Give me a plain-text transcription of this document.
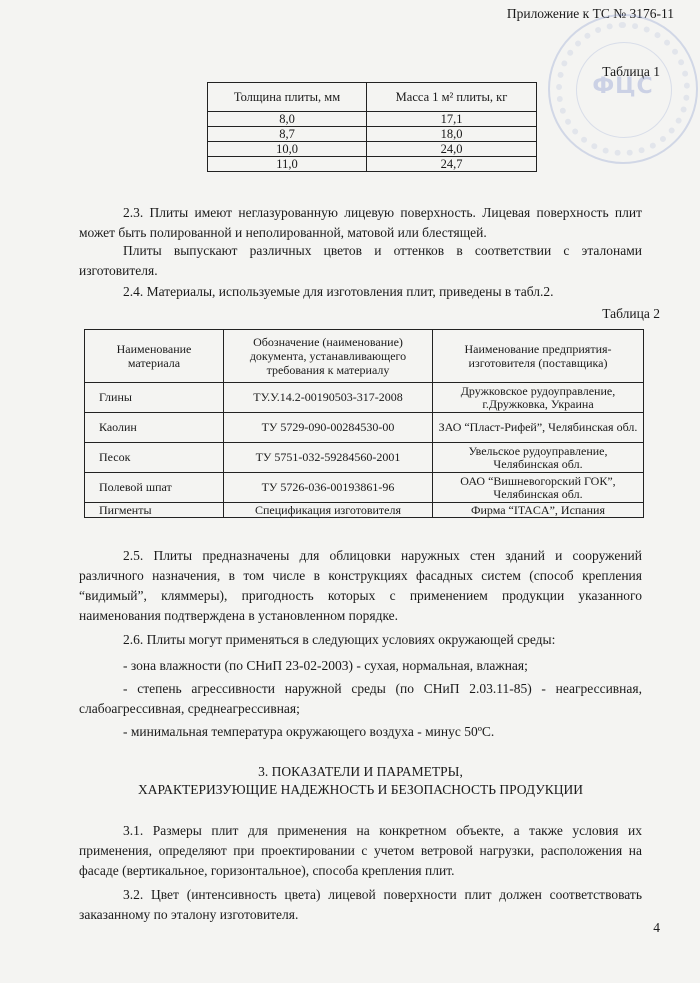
Приложение к ТС № 3176-11
ФЦС
Таблица 1
Толщина плиты, мм	Масса 1 м² плиты, кг
8,0	17,1
8,7	18,0
10,0	24,0
11,0	24,7

2.3. Плиты имеют неглазурованную лицевую поверхность. Лицевая поверхность плит может быть полированной и неполированной, матовой или блестящей.

Плиты выпускают различных цветов и оттенков в соответствии с эталонами изготовителя.

2.4. Материалы, используемые для изготовления плит, приведены в табл.2.

Таблица 2
Наименование материала	Обозначение (наименование) документа, устанавливающего требования к материалу	Наименование предприятия-изготовителя (поставщика)
Глины	ТУ.У.14.2-00190503-317-2008	Дружковское рудоуправление, г.Дружковка, Украина
Каолин	ТУ 5729-090-00284530-00	ЗАО “Пласт-Рифей”, Челябинская обл.
Песок	ТУ 5751-032-59284560-2001	Увельское рудоуправление, Челябинская обл.
Полевой шпат	ТУ 5726-036-00193861-96	ОАО “Вишневогорский ГОК”, Челябинская обл.
Пигменты	Спецификация изготовителя	Фирма “ITACA”, Испания

2.5. Плиты предназначены для облицовки наружных стен зданий и сооружений различного назначения, в том числе в конструкциях фасадных систем (способ крепления “видимый”, кляммеры), пригодность которых с применением продукции указанного наименования подтверждена в установленном порядке.

2.6. Плиты могут применяться в следующих условиях окружающей среды:

- зона влажности (по СНиП 23-02-2003) - сухая, нормальная, влажная;

- степень агрессивности наружной среды (по СНиП 2.03.11-85) - неагрессивная, слабоагрессивная, среднеагрессивная;

- минимальная температура окружающего воздуха - минус 50ºС.

3. ПОКАЗАТЕЛИ И ПАРАМЕТРЫ,
ХАРАКТЕРИЗУЮЩИЕ НАДЕЖНОСТЬ И БЕЗОПАСНОСТЬ ПРОДУКЦИИ

3.1. Размеры плит для применения на конкретном объекте, а также условия их применения, определяют при проектировании с учетом ветровой нагрузки, расположения на фасаде (вертикальное, горизонтальное), способа крепления плит.

3.2. Цвет (интенсивность цвета) лицевой поверхности плит должен соответствовать заказанному по эталону изготовителя.

4
